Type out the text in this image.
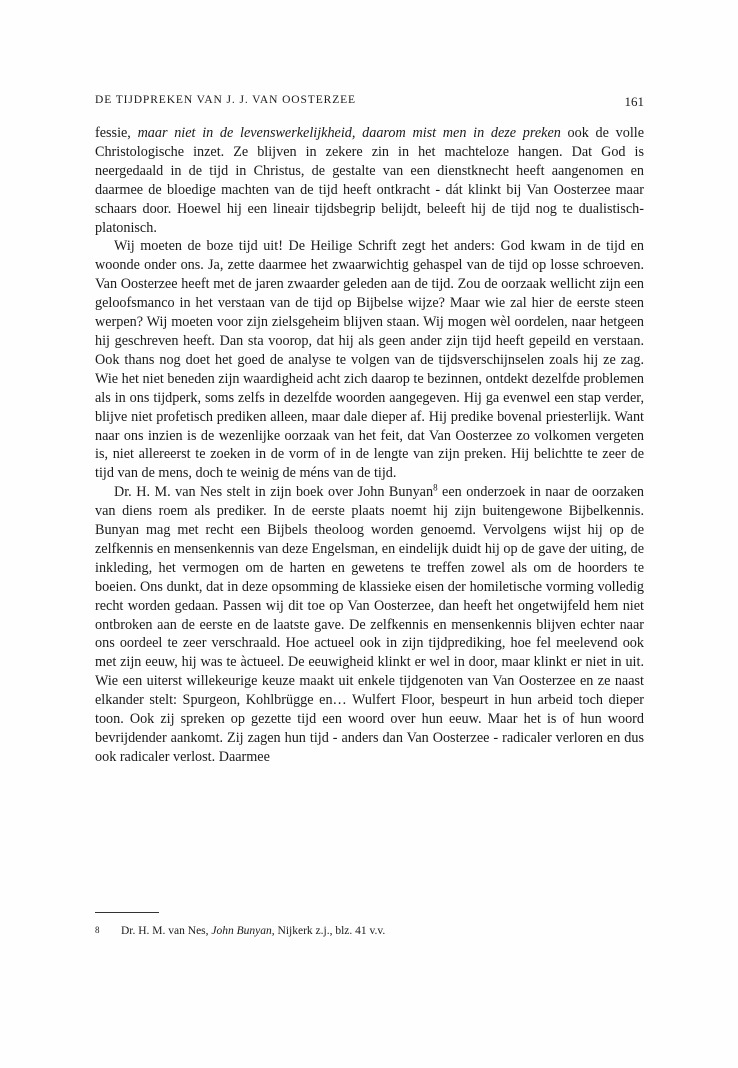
DE TIJDPREKEN VAN J. J. VAN OOSTERZEE	161

fessie, maar niet in de levenswerkelijkheid, daarom mist men in deze preken ook de volle Christologische inzet. Ze blijven in zekere zin in het machteloze hangen. Dat God is neergedaald in de tijd in Christus, de gestalte van een dienstknecht heeft aangenomen en daarmee de bloedige machten van de tijd heeft ontkracht - dát klinkt bij Van Oosterzee maar schaars door. Hoewel hij een lineair tijdsbegrip belijdt, beleeft hij de tijd nog te dualistisch-platonisch.

Wij moeten de boze tijd uit! De Heilige Schrift zegt het anders: God kwam in de tijd en woonde onder ons. Ja, zette daarmee het zwaarwichtig gehaspel van de tijd op losse schroeven. Van Oosterzee heeft met de jaren zwaarder geleden aan de tijd. Zou de oorzaak wellicht zijn een geloofsmanco in het verstaan van de tijd op Bijbelse wijze? Maar wie zal hier de eerste steen werpen? Wij moeten voor zijn zielsgeheim blijven staan. Wij mogen wèl oordelen, naar hetgeen hij geschreven heeft. Dan sta voorop, dat hij als geen ander zijn tijd heeft gepeild en verstaan. Ook thans nog doet het goed de analyse te volgen van de tijdsverschijnselen zoals hij ze zag. Wie het niet beneden zijn waardigheid acht zich daarop te bezinnen, ontdekt dezelfde problemen als in ons tijdperk, soms zelfs in dezelfde woorden aangegeven. Hij ga evenwel een stap verder, blijve niet profetisch prediken alleen, maar dale dieper af. Hij predike bovenal priesterlijk. Want naar ons inzien is de wezenlijke oorzaak van het feit, dat Van Oosterzee zo volkomen vergeten is, niet allereerst te zoeken in de vorm of in de lengte van zijn preken. Hij belichtte te zeer de tijd van de mens, doch te weinig de méns van de tijd.

Dr. H. M. van Nes stelt in zijn boek over John Bunyan$^8$ een onderzoek in naar de oorzaken van diens roem als prediker. In de eerste plaats noemt hij zijn buitengewone Bijbelkennis. Bunyan mag met recht een Bijbels theoloog worden genoemd. Vervolgens wijst hij op de zelfkennis en mensenkennis van deze Engelsman, en eindelijk duidt hij op de gave der uiting, de inkleding, het vermogen om de harten en gewetens te treffen zowel als om de hoorders te boeien. Ons dunkt, dat in deze opsomming de klassieke eisen der homiletische vorming volledig recht worden gedaan. Passen wij dit toe op Van Oosterzee, dan heeft het ongetwijfeld hem niet ontbroken aan de eerste en de laatste gave. De zelfkennis en mensenkennis blijven echter naar ons oordeel te zeer verschraald. Hoe actueel ook in zijn tijdprediking, hoe fel meelevend ook met zijn eeuw, hij was te àctueel. De eeuwigheid klinkt er wel in door, maar klinkt er niet in uit. Wie een uiterst willekeurige keuze maakt uit enkele tijdgenoten van Van Oosterzee en ze naast elkander stelt: Spurgeon, Kohlbrügge en… Wulfert Floor, bespeurt in hun arbeid toch dieper toon. Ook zij spreken op gezette tijd een woord over hun eeuw. Maar het is of hun woord bevrijdender aankomt. Zij zagen hun tijd - anders dan Van Oosterzee - radicaler verloren en dus ook radicaler verlost. Daarmee

8 Dr. H. M. van Nes, John Bunyan, Nijkerk z.j., blz. 41 v.v.
